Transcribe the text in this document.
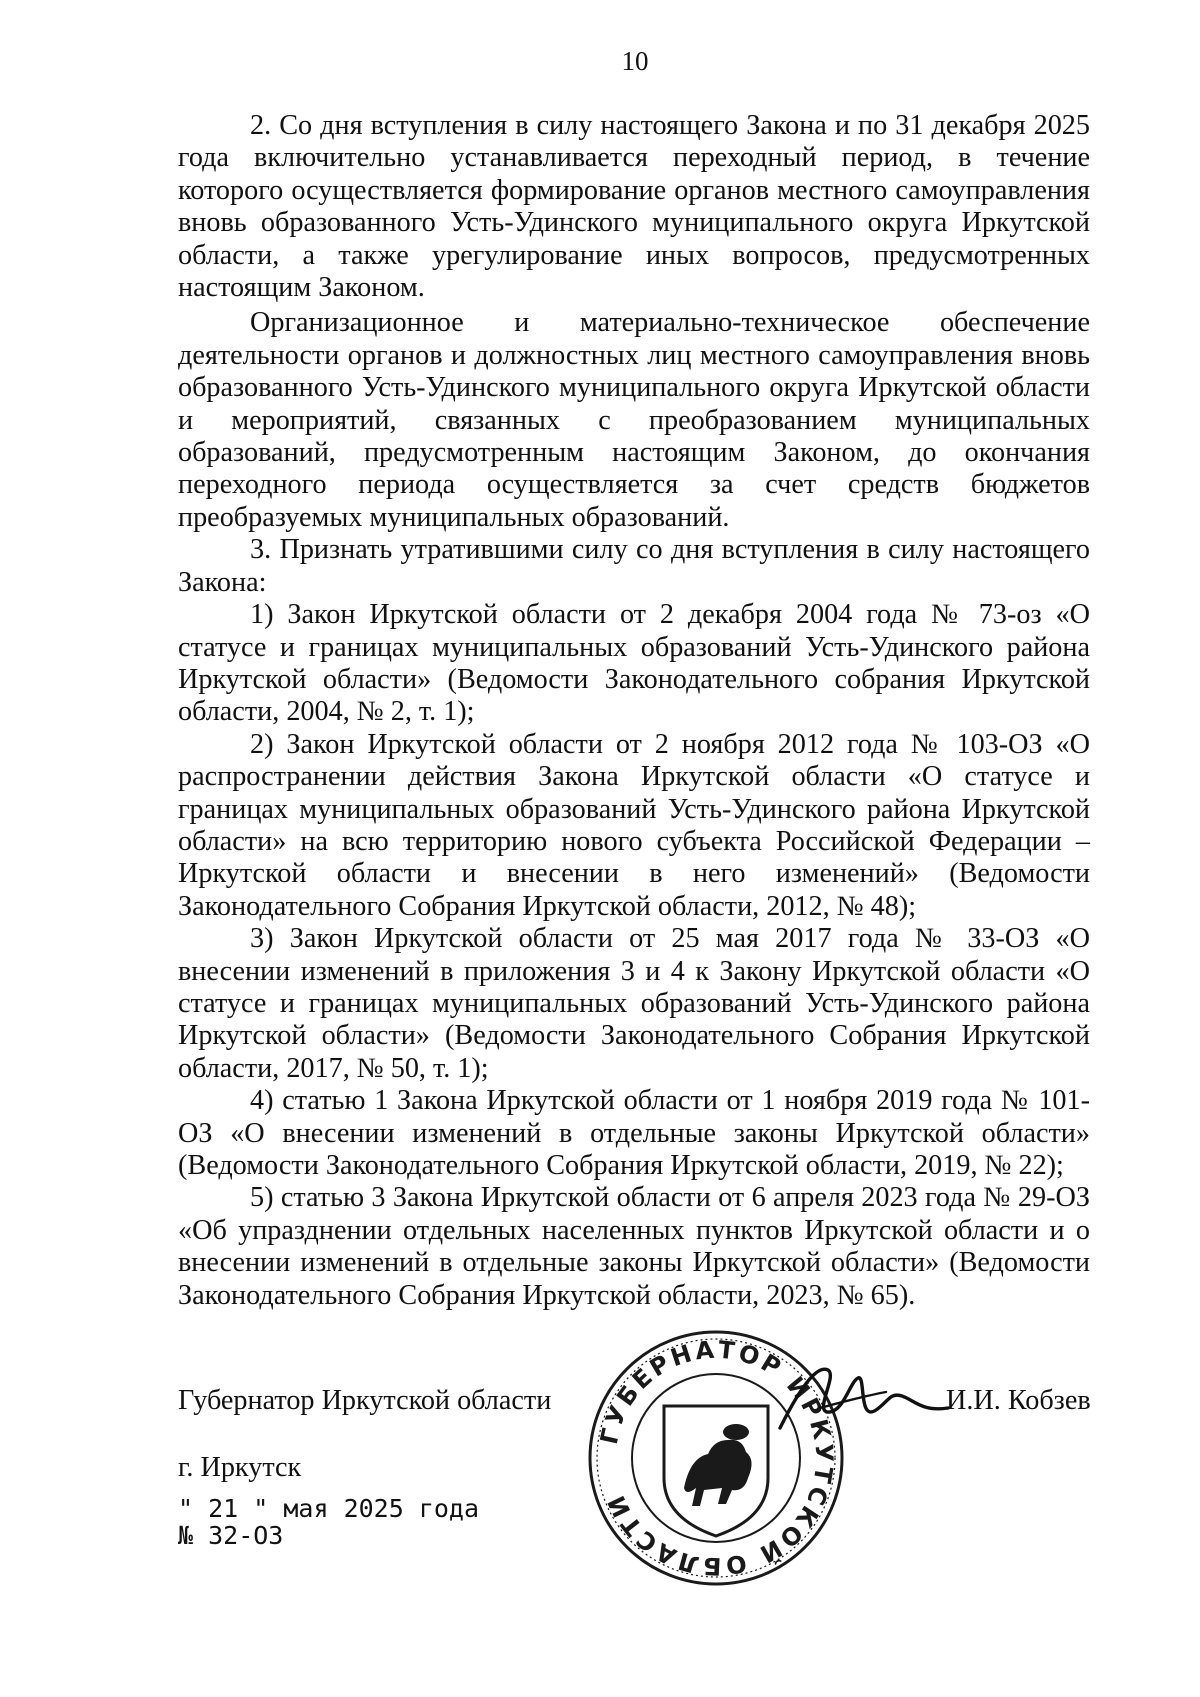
10

2. Со дня вступления в силу настоящего Закона и по 31 декабря 2025 года включительно устанавливается переходный период, в течение которого осуществляется формирование органов местного самоуправления вновь образованного Усть-Удинского муниципального округа Иркутской области, а также урегулирование иных вопросов, предусмотренных настоящим Законом.

Организационное и материально-техническое обеспечение деятельности органов и должностных лиц местного самоуправления вновь образованного Усть-Удинского муниципального округа Иркутской области и мероприятий, связанных с преобразованием муниципальных образований, предусмотренным настоящим Законом, до окончания переходного периода осуществляется за счет средств бюджетов преобразуемых муниципальных образований.

3. Признать утратившими силу со дня вступления в силу настоящего Закона:

1) Закон Иркутской области от 2 декабря 2004 года № 73-оз «О статусе и границах муниципальных образований Усть-Удинского района Иркутской области» (Ведомости Законодательного собрания Иркутской области, 2004, № 2, т. 1);

2) Закон Иркутской области от 2 ноября 2012 года № 103-ОЗ «О распространении действия Закона Иркутской области «О статусе и границах муниципальных образований Усть-Удинского района Иркутской области» на всю территорию нового субъекта Российской Федерации – Иркутской области и внесении в него изменений» (Ведомости Законодательного Собрания Иркутской области, 2012, № 48);

3) Закон Иркутской области от 25 мая 2017 года № 33-ОЗ «О внесении изменений в приложения 3 и 4 к Закону Иркутской области «О статусе и границах муниципальных образований Усть-Удинского района Иркутской области» (Ведомости Законодательного Собрания Иркутской области, 2017, № 50, т. 1);

4) статью 1 Закона Иркутской области от 1 ноября 2019 года № 101-ОЗ «О внесении изменений в отдельные законы Иркутской области» (Ведомости Законодательного Собрания Иркутской области, 2019, № 22);

5) статью 3 Закона Иркутской области от 6 апреля 2023 года № 29-ОЗ «Об упразднении отдельных населенных пунктов Иркутской области и о внесении изменений в отдельные законы Иркутской области» (Ведомости Законодательного Собрания Иркутской области, 2023, № 65).

Губернатор Иркутской области
ГУБЕРНАТОР ИРКУТСКОЙ ОБЛАСТИ
И.И. Кобзев
г. Иркутск
" 21 " мая 2025 года
№ 32-ОЗ
